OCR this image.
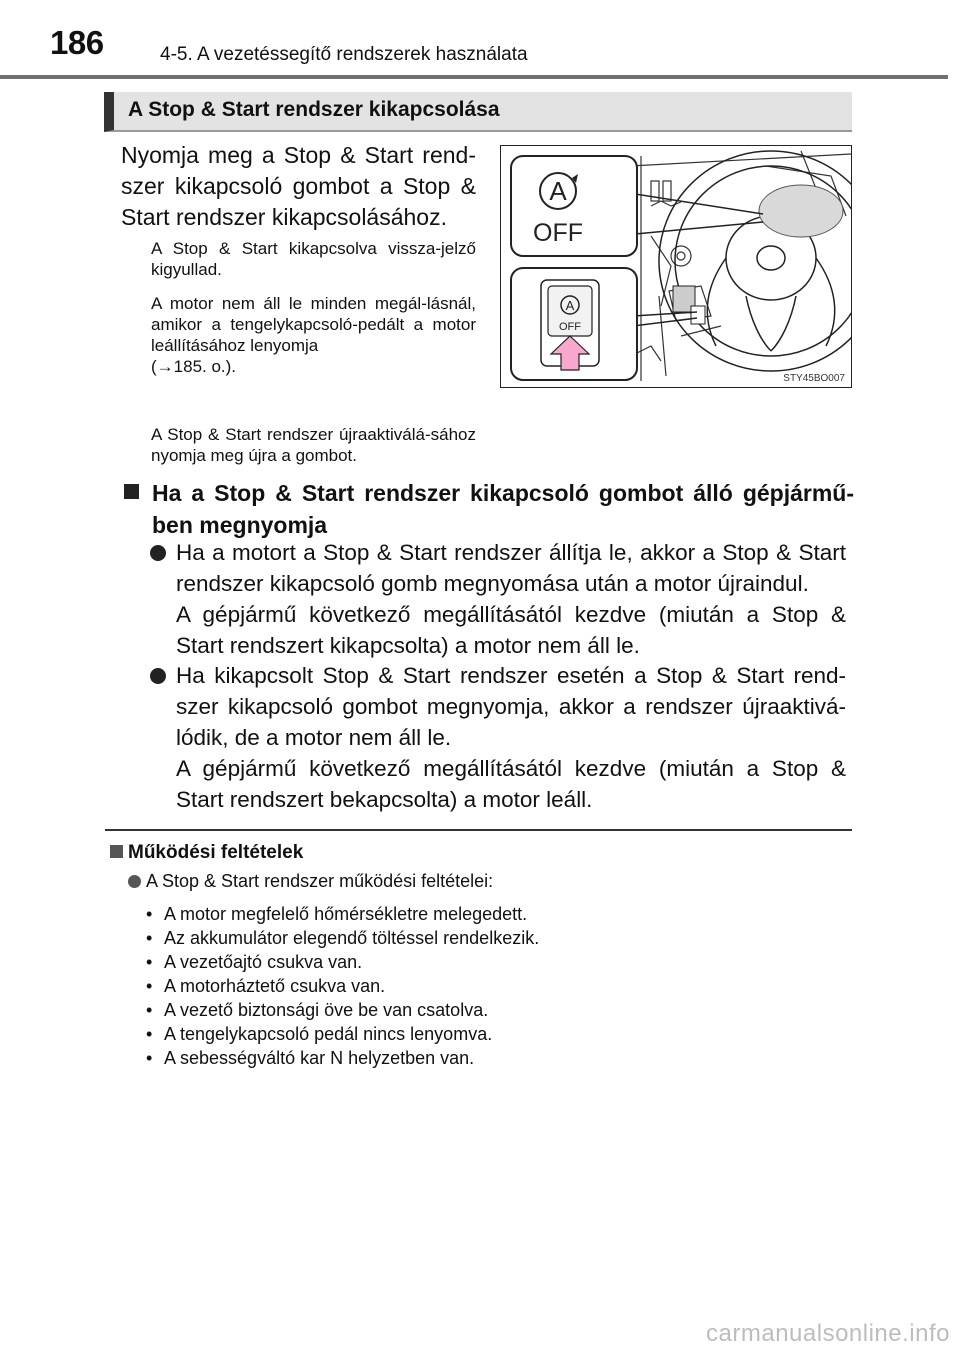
186	4-5. A vezetéssegítő rendszerek használata
A Stop & Start rendszer kikapcsolása
Nyomja meg a Stop & Start rend-szer kikapcsoló gombot a Stop & Start rendszer kikapcsolásához.
A Stop & Start kikapcsolva vissza-jelző kigyullad.
A motor nem áll le minden megál-lásnál, amikor a tengelykapcsoló-pedált a motor leállításához lenyomja
(→185. o.).
A Stop & Start rendszer újraaktiválá-sához nyomja meg újra a gombot.
A
OFF
A
OFF
STY45BO007
Ha a Stop & Start rendszer kikapcsoló gombot álló gépjármű-ben megnyomja
Ha a motort a Stop & Start rendszer állítja le, akkor a Stop & Start rendszer kikapcsoló gomb megnyomása után a motor újraindul.
A gépjármű következő megállításától kezdve (miután a Stop & Start rendszert kikapcsolta) a motor nem áll le.
Ha kikapcsolt Stop & Start rendszer esetén a Stop & Start rend-szer kikapcsoló gombot megnyomja, akkor a rendszer újraaktivá-lódik, de a motor nem áll le.
A gépjármű következő megállításától kezdve (miután a Stop & Start rendszert bekapcsolta) a motor leáll.
Működési feltételek
A Stop & Start rendszer működési feltételei:
• A motor megfelelő hőmérsékletre melegedett.
• Az akkumulátor elegendő töltéssel rendelkezik.
• A vezetőajtó csukva van.
• A motorháztető csukva van.
• A vezető biztonsági öve be van csatolva.
• A tengelykapcsoló pedál nincs lenyomva.
• A sebességváltó kar N helyzetben van.
carmanualsonline.info
